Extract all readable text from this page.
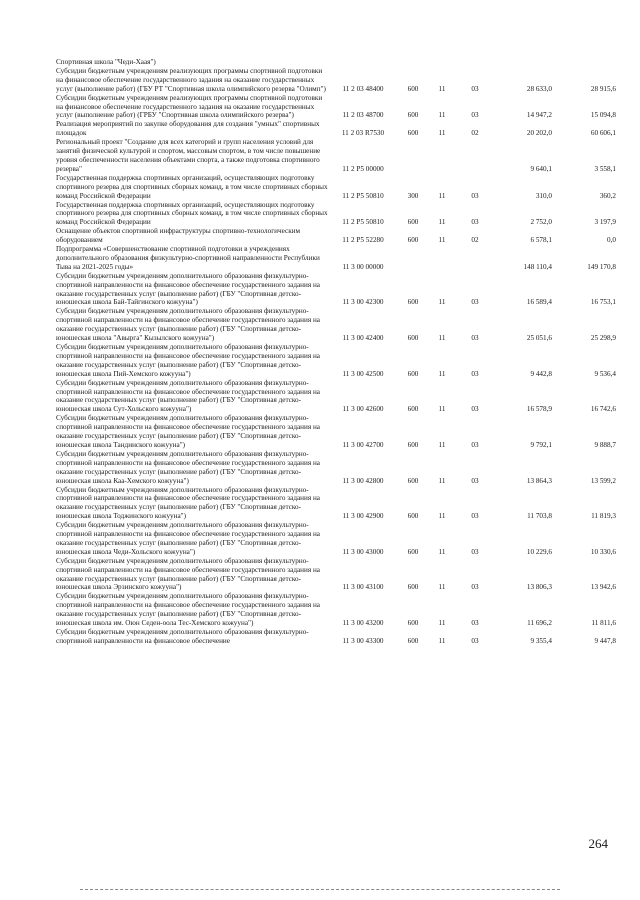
Спортивная школа "Чеди-Хаая")						
Субсидии бюджетным учреждениям реализующих программы спортивной подготовки на финансовое обеспечение государственного задания на оказание государственных услуг (выполнение работ) (ГБУ РТ "Спортивная школа олимпийского резерва "Олимп")	11 2 03 48400	600	11	03	28 633,0	28 915,6
Субсидии бюджетным учреждениям реализующих программы спортивной подготовки на финансовое обеспечение государственного задания на оказание государственных услуг (выполнение работ) (ГРБУ "Спортивная школа олимпийского резерва")	11 2 03 48700	600	11	03	14 947,2	15 094,8
Реализация мероприятий по закупке оборудования для создания "умных" спортивных площадок	11 2 03 R7530	600	11	02	20 202,0	60 606,1
Региональный проект "Создание для всех категорий и групп населения условий для занятий физической культурой и спортом, массовым спортом, в том числе повышение уровня обеспеченности населения объектами спорта, а также подготовка спортивного резерва"	11 2 P5 00000				9 640,1	3 558,1
Государственная поддержка спортивных организаций, осуществляющих подготовку спортивного резерва для спортивных сборных команд, в том числе спортивных сборных команд Российской Федерации	11 2 P5 50810	300	11	03	310,0	360,2
Государственная поддержка спортивных организаций, осуществляющих подготовку спортивного резерва для спортивных сборных команд, в том числе спортивных сборных команд Российской Федерации	11 2 P5 50810	600	11	03	2 752,0	3 197,9
Оснащение объектов спортивной инфраструктуры спортивно-технологическим оборудованием	11 2 P5 52280	600	11	02	6 578,1	0,0
Подпрограмма «Совершенствование спортивной подготовки в учреждениях дополнительного образования физкультурно-спортивной направленности Республики Тыва на 2021-2025 годы»	11 3 00 00000				148 110,4	149 170,8
Субсидии бюджетным учреждениям дополнительного образования физкультурно-спортивной направленности на финансовое обеспечение государственного задания на оказание государственных услуг (выполнение работ) (ГБУ "Спортивная детско-юношеская школа Бай-Тайгинского кожууна")	11 3 00 42300	600	11	03	16 589,4	16 753,1
Субсидии бюджетным учреждениям дополнительного образования физкультурно-спортивной направленности на финансовое обеспечение государственного задания на оказание государственных услуг (выполнение работ) (ГБУ "Спортивная детско-юношеская школа "Авырга" Кызылского кожууна")	11 3 00 42400	600	11	03	25 051,6	25 298,9
Субсидии бюджетным учреждениям дополнительного образования физкультурно-спортивной направленности на финансовое обеспечение государственного задания на оказание государственных услуг (выполнение работ) (ГБУ "Спортивная детско-юношеская школа Пий-Хемского кожууна")	11 3 00 42500	600	11	03	9 442,8	9 536,4
Субсидии бюджетным учреждениям дополнительного образования физкультурно-спортивной направленности на финансовое обеспечение государственного задания на оказание государственных услуг (выполнение работ) (ГБУ "Спортивная детско-юношеская школа Сут-Хольского кожууна")	11 3 00 42600	600	11	03	16 578,9	16 742,6
Субсидии бюджетным учреждениям дополнительного образования физкультурно-спортивной направленности на финансовое обеспечение государственного задания на оказание государственных услуг (выполнение работ) (ГБУ "Спортивная детско-юношеская школа Тандинского кожууна")	11 3 00 42700	600	11	03	9 792,1	9 888,7
Субсидии бюджетным учреждениям дополнительного образования физкультурно-спортивной направленности на финансовое обеспечение государственного задания на оказание государственных услуг (выполнение работ) (ГБУ "Спортивная детско-юношеская школа Каа-Хемского кожууна")	11 3 00 42800	600	11	03	13 864,3	13 599,2
Субсидии бюджетным учреждениям дополнительного образования физкультурно-спортивной направленности на финансовое обеспечение государственного задания на оказание государственных услуг (выполнение работ) (ГБУ "Спортивная детско-юношеская школа Тоджинского кожууна")	11 3 00 42900	600	11	03	11 703,8	11 819,3
Субсидии бюджетным учреждениям дополнительного образования физкультурно-спортивной направленности на финансовое обеспечение государственного задания на оказание государственных услуг (выполнение работ) (ГБУ "Спортивная детско-юношеская школа Чеди-Хольского кожууна")	11 3 00 43000	600	11	03	10 229,6	10 330,6
Субсидии бюджетным учреждениям дополнительного образования физкультурно-спортивной направленности на финансовое обеспечение государственного задания на оказание государственных услуг (выполнение работ) (ГБУ "Спортивная детско-юношеская школа Эрзинского кожууна")	11 3 00 43100	600	11	03	13 806,3	13 942,6
Субсидии бюджетным учреждениям дополнительного образования физкультурно-спортивной направленности на финансовое обеспечение государственного задания на оказание государственных услуг (выполнение работ) (ГБУ "Спортивная детско-юношеская школа им. Оюн Седен-оола Тес-Хемского кожууна")	11 3 00 43200	600	11	03	11 696,2	11 811,6
Субсидии бюджетным учреждениям дополнительного образования физкультурно-спортивной направленности на финансовое обеспечение	11 3 00 43300	600	11	03	9 355,4	9 447,8
264
